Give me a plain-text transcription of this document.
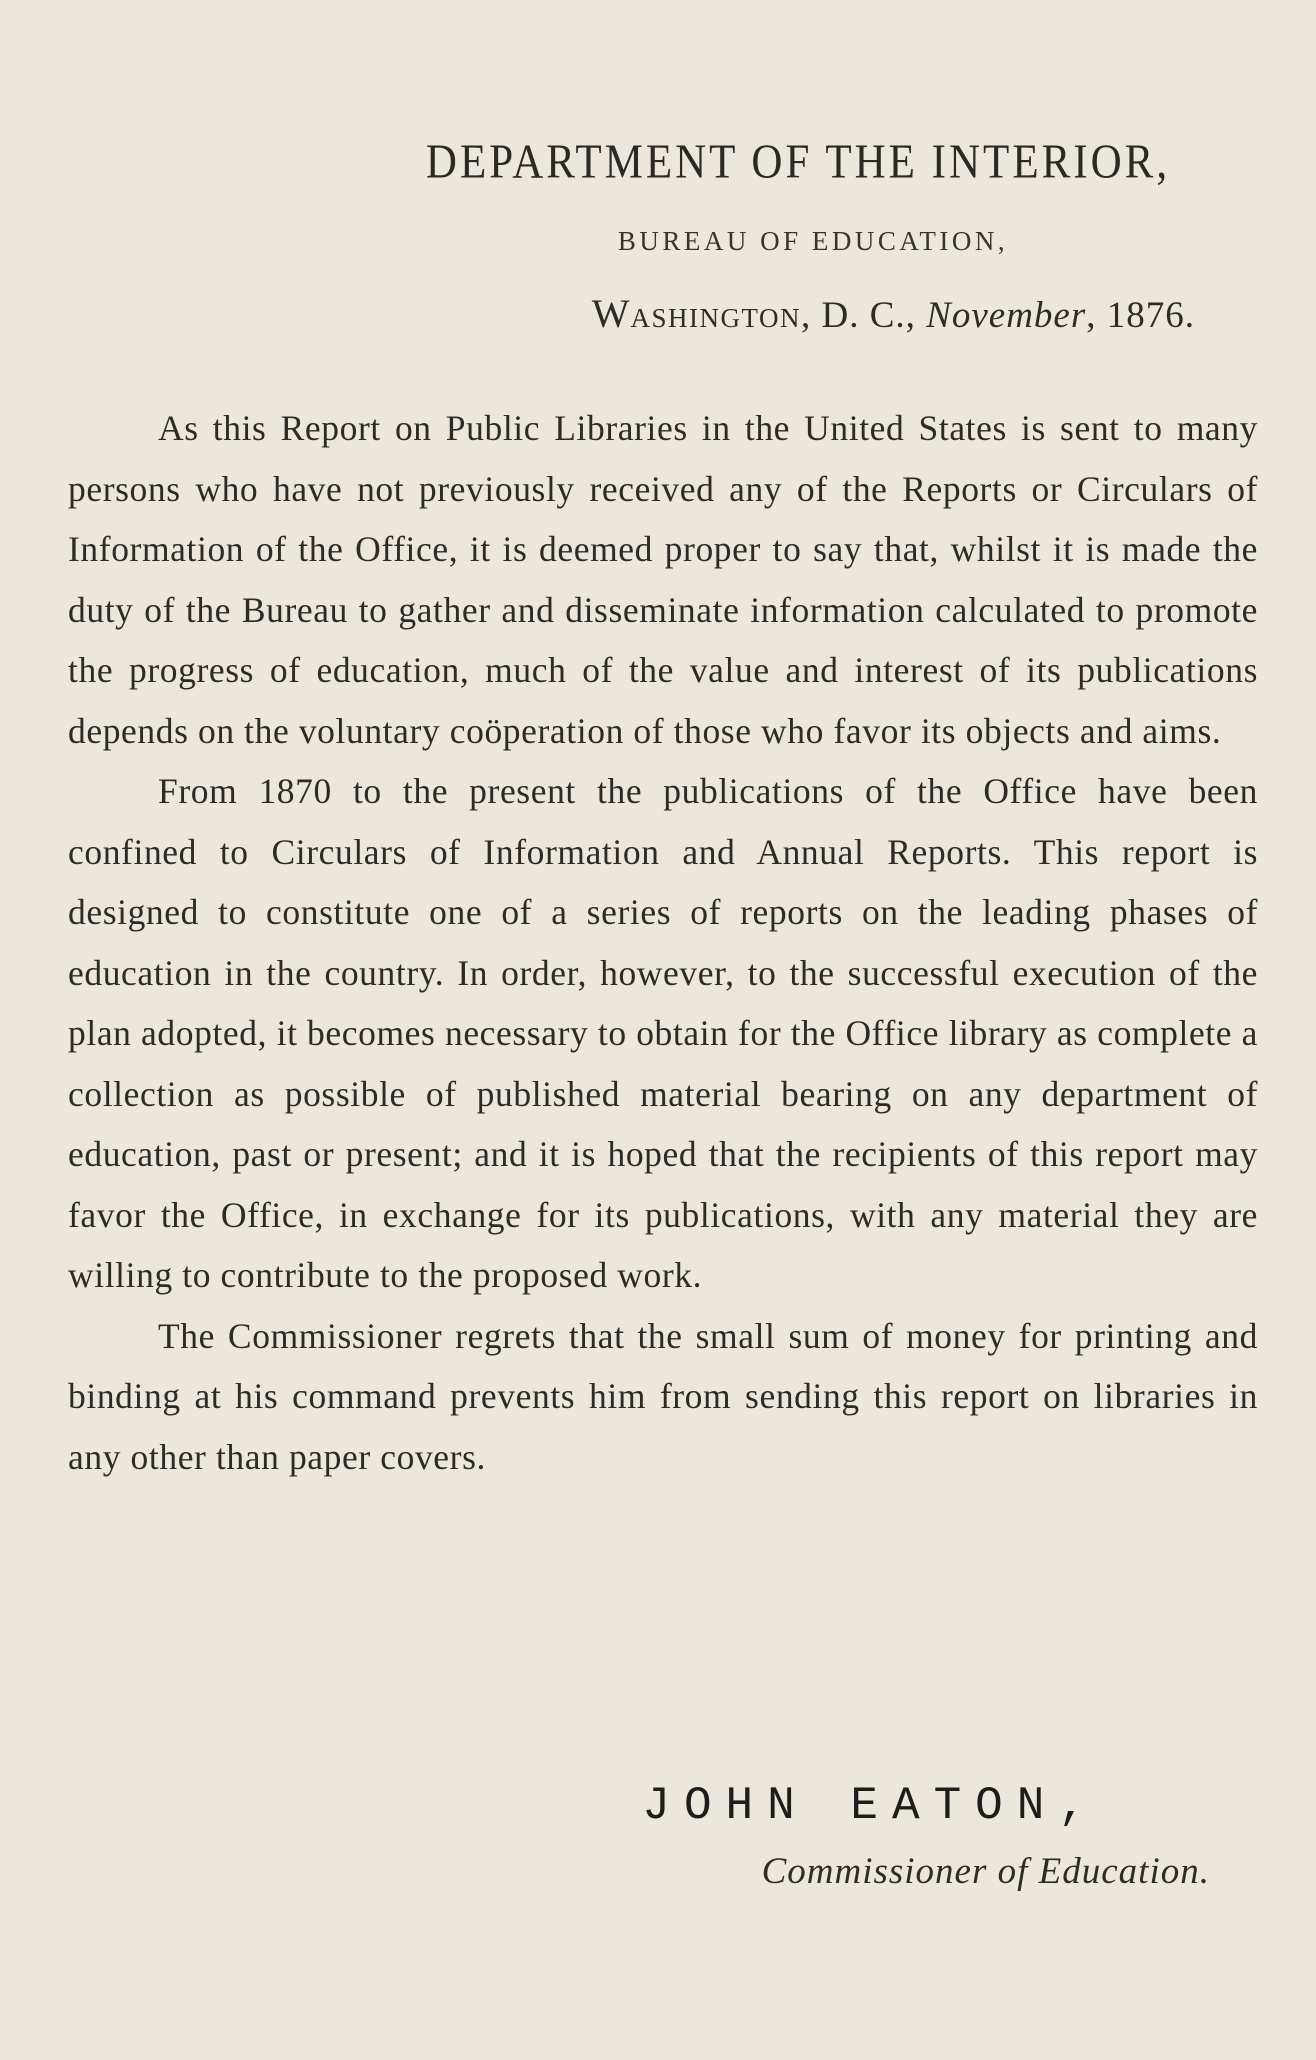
DEPARTMENT OF THE INTERIOR,
BUREAU OF EDUCATION,
WASHINGTON, D. C., November, 1876.

As this Report on Public Libraries in the United States is sent to many persons who have not previously received any of the Reports or Circulars of Information of the Office, it is deemed proper to say that, whilst it is made the duty of the Bureau to gather and disseminate information calculated to promote the progress of education, much of the value and interest of its publications depends on the voluntary coöperation of those who favor its objects and aims.

From 1870 to the present the publications of the Office have been confined to Circulars of Information and Annual Reports. This report is designed to constitute one of a series of reports on the leading phases of education in the country. In order, however, to the successful execution of the plan adopted, it becomes necessary to obtain for the Office library as complete a collection as possible of published material bearing on any department of education, past or present; and it is hoped that the recipients of this report may favor the Office, in exchange for its publications, with any material they are willing to contribute to the proposed work.

The Commissioner regrets that the small sum of money for printing and binding at his command prevents him from sending this report on libraries in any other than paper covers.

JOHN EATON,
Commissioner of Education.
